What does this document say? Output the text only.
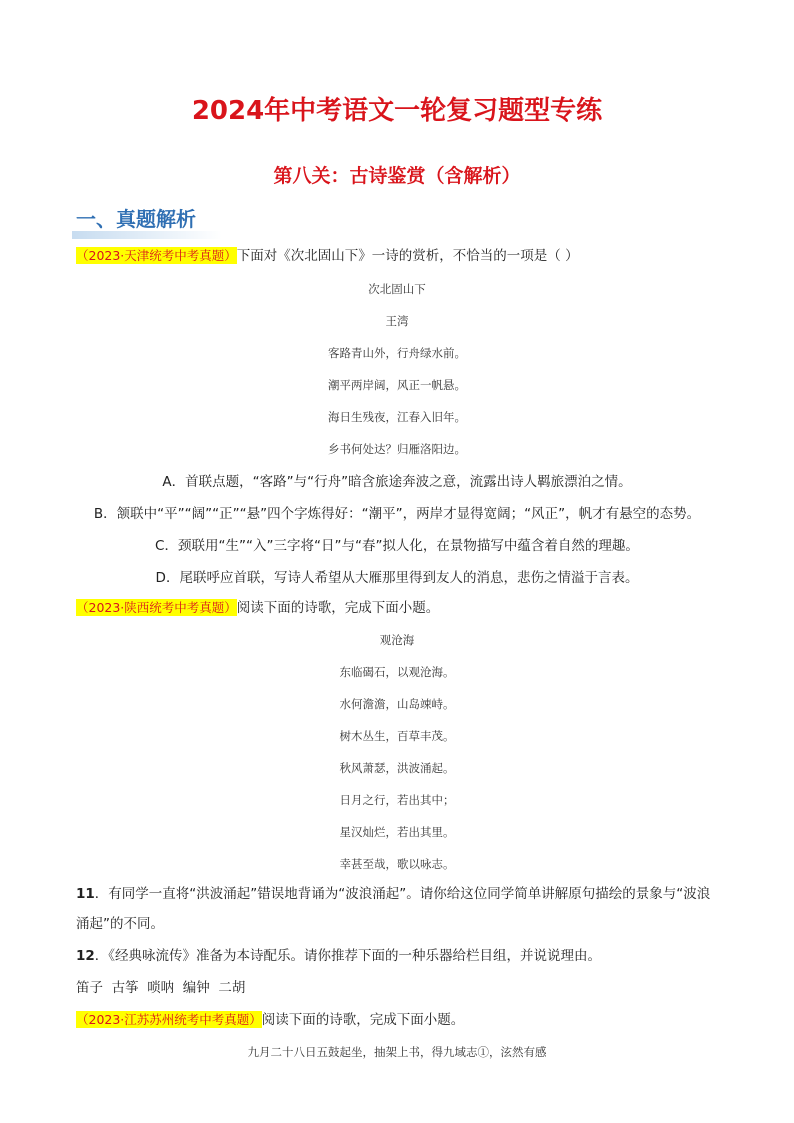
2024年中考语文一轮复习题型专练
第八关：古诗鉴赏（含解析）
一、真题解析
（2023·天津统考中考真题）下面对《次北固山下》一诗的赏析，不恰当的一项是（ ）
次北固山下
王湾
客路青山外，行舟绿水前。
潮平两岸阔，风正一帆悬。
海日生残夜，江春入旧年。
乡书何处达？归雁洛阳边。
A．首联点题，“客路”与“行舟”暗含旅途奔波之意，流露出诗人羁旅漂泊之情。
B．颔联中“平”“阔”“正”“悬”四个字炼得好：“潮平”，两岸才显得宽阔；“风正”，帆才有悬空的态势。
C．颈联用“生”“入”三字将“日”与“春”拟人化，在景物描写中蕴含着自然的理趣。
D．尾联呼应首联，写诗人希望从大雁那里得到友人的消息，悲伤之情溢于言表。
（2023·陕西统考中考真题）阅读下面的诗歌，完成下面小题。
观沧海
东临碣石，以观沧海。
水何澹澹，山岛竦峙。
树木丛生，百草丰茂。
秋风萧瑟，洪波涌起。
日月之行，若出其中；
星汉灿烂，若出其里。
幸甚至哉，歌以咏志。
11．有同学一直将“洪波涌起”错误地背诵为“波浪涌起”。请你给这位同学简单讲解原句描绘的景象与“波浪
涌起”的不同。
12．《经典咏流传》准备为本诗配乐。请你推荐下面的一种乐器给栏目组，并说说理由。
笛子  古筝  唢呐  编钟  二胡
（2023·江苏苏州统考中考真题）阅读下面的诗歌，完成下面小题。
九月二十八日五鼓起坐，抽架上书，得九域志①，泫然有感
